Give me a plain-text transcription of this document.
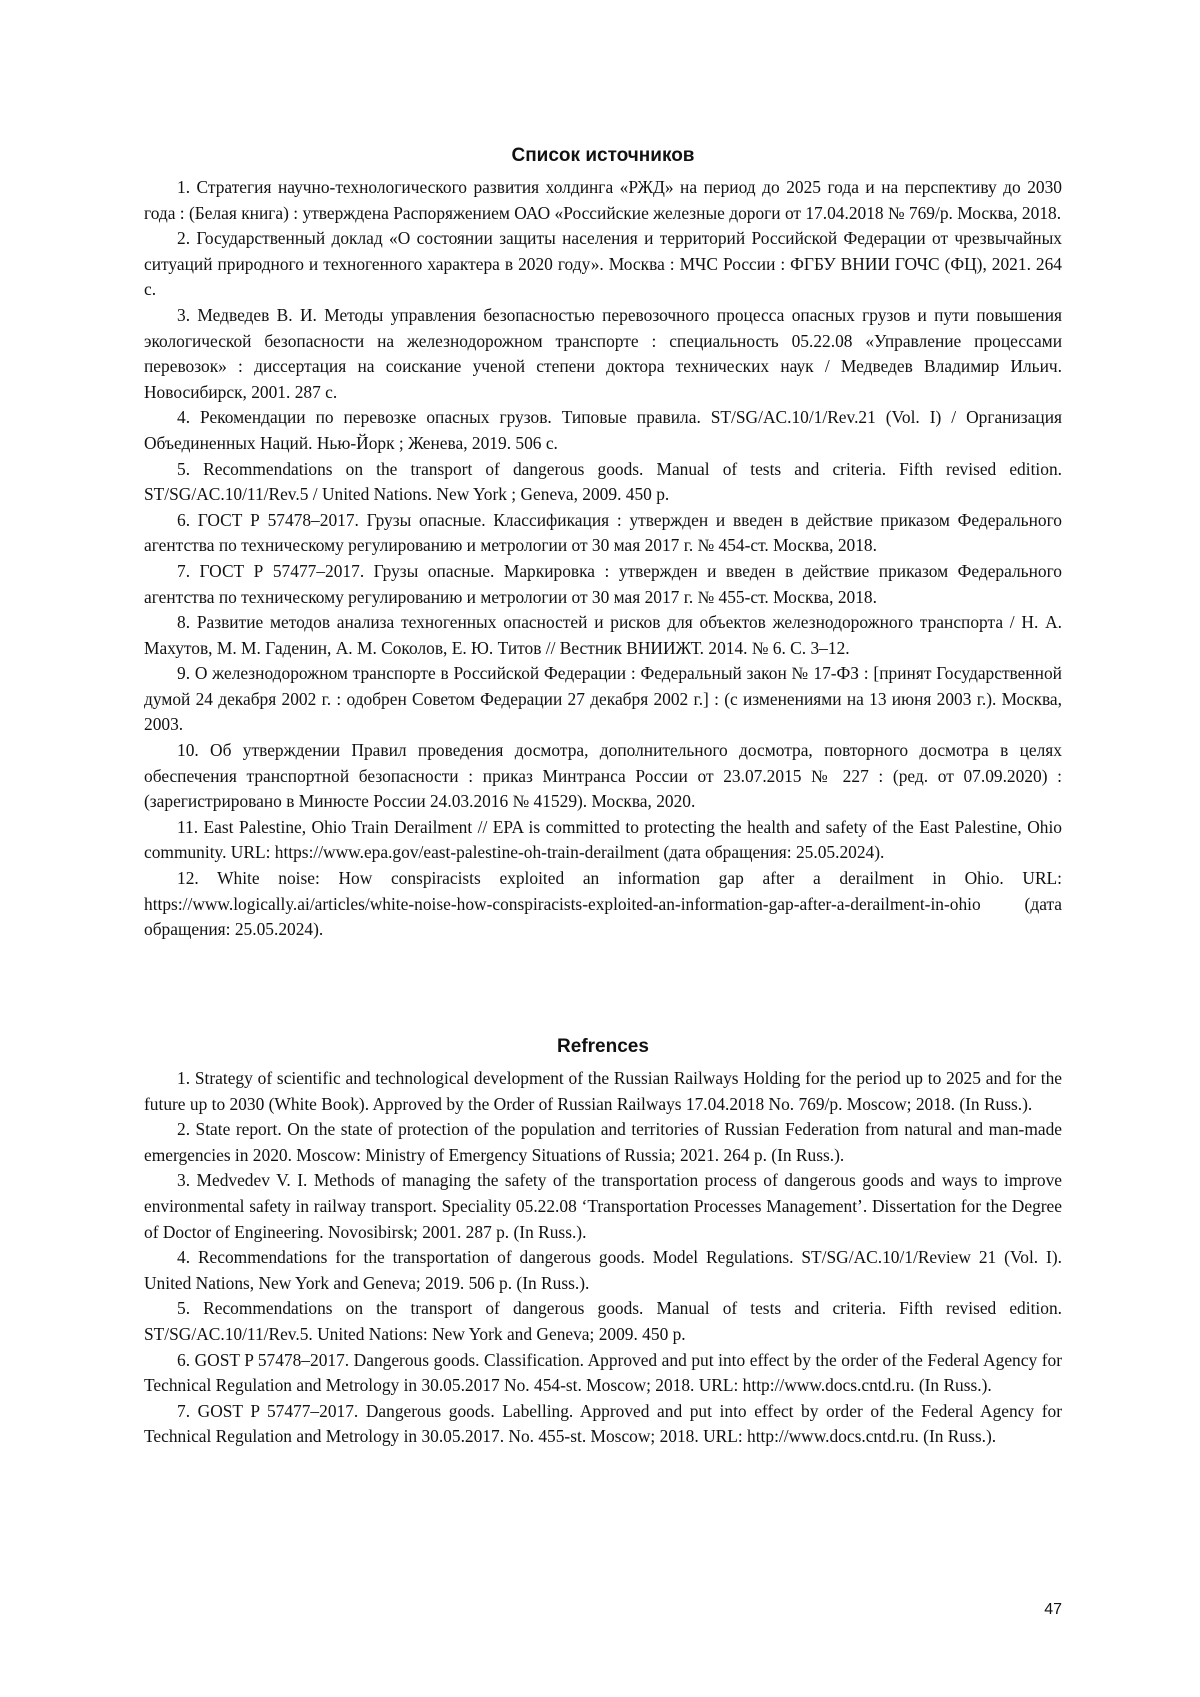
Список источников
1. Стратегия научно-технологического развития холдинга «РЖД» на период до 2025 года и на перспективу до 2030 года : (Белая книга) : утверждена Распоряжением ОАО «Российские железные дороги от 17.04.2018 № 769/р. Москва, 2018.
2. Государственный доклад «О состоянии защиты населения и территорий Российской Федерации от чрезвычайных ситуаций природного и техногенного характера в 2020 году». Москва : МЧС России : ФГБУ ВНИИ ГОЧС (ФЦ), 2021. 264 с.
3. Медведев В. И. Методы управления безопасностью перевозочного процесса опасных грузов и пути повышения экологической безопасности на железнодорожном транспорте : специальность 05.22.08 «Управление процессами перевозок» : диссертация на соискание ученой степени доктора технических наук / Медведев Владимир Ильич. Новосибирск, 2001. 287 с.
4. Рекомендации по перевозке опасных грузов. Типовые правила. ST/SG/AC.10/1/Rev.21 (Vol. I) / Организация Объединенных Наций. Нью-Йорк ; Женева, 2019. 506 с.
5. Recommendations on the transport of dangerous goods. Manual of tests and criteria. Fifth revised edition. ST/SG/AC.10/11/Rev.5 / United Nations. New York ; Geneva, 2009. 450 p.
6. ГОСТ Р 57478–2017. Грузы опасные. Классификация : утвержден и введен в действие приказом Федерального агентства по техническому регулированию и метрологии от 30 мая 2017 г. № 454-ст. Москва, 2018.
7. ГОСТ Р 57477–2017. Грузы опасные. Маркировка : утвержден и введен в действие приказом Федерального агентства по техническому регулированию и метрологии от 30 мая 2017 г. № 455-ст. Москва, 2018.
8. Развитие методов анализа техногенных опасностей и рисков для объектов железнодорожного транспорта / Н. А. Махутов, М. М. Гаденин, А. М. Соколов, Е. Ю. Титов // Вестник ВНИИЖТ. 2014. № 6. С. 3–12.
9. О железнодорожном транспорте в Российской Федерации : Федеральный закон № 17-ФЗ : [принят Государственной думой 24 декабря 2002 г. : одобрен Советом Федерации 27 декабря 2002 г.] : (с изменениями на 13 июня 2003 г.). Москва, 2003.
10. Об утверждении Правил проведения досмотра, дополнительного досмотра, повторного досмотра в целях обеспечения транспортной безопасности : приказ Минтранса России от 23.07.2015 № 227 : (ред. от 07.09.2020) : (зарегистрировано в Минюсте России 24.03.2016 № 41529). Москва, 2020.
11. East Palestine, Ohio Train Derailment // EPA is committed to protecting the health and safety of the East Palestine, Ohio community. URL: https://www.epa.gov/east-palestine-oh-train-derailment (дата обращения: 25.05.2024).
12. White noise: How conspiracists exploited an information gap after a derailment in Ohio. URL: https://www.logically.ai/articles/white-noise-how-conspiracists-exploited-an-information-gap-after-a-derailment-in-ohio (дата обращения: 25.05.2024).
Refrences
1. Strategy of scientific and technological development of the Russian Railways Holding for the period up to 2025 and for the future up to 2030 (White Book). Approved by the Order of Russian Railways 17.04.2018 No. 769/p. Moscow; 2018. (In Russ.).
2. State report. On the state of protection of the population and territories of Russian Federation from natural and man-made emergencies in 2020. Moscow: Ministry of Emergency Situations of Russia; 2021. 264 p. (In Russ.).
3. Medvedev V. I. Methods of managing the safety of the transportation process of dangerous goods and ways to improve environmental safety in railway transport. Speciality 05.22.08 ‘Transportation Processes Management’. Dissertation for the Degree of Doctor of Engineering. Novosibirsk; 2001. 287 p. (In Russ.).
4. Recommendations for the transportation of dangerous goods. Model Regulations. ST/SG/AC.10/1/Review 21 (Vol. I). United Nations, New York and Geneva; 2019. 506 p. (In Russ.).
5. Recommendations on the transport of dangerous goods. Manual of tests and criteria. Fifth revised edition. ST/SG/AC.10/11/Rev.5. United Nations: New York and Geneva; 2009. 450 p.
6. GOST P 57478–2017. Dangerous goods. Classification. Approved and put into effect by the order of the Federal Agency for Technical Regulation and Metrology in 30.05.2017 No. 454-st. Moscow; 2018. URL: http://www.docs.cntd.ru. (In Russ.).
7. GOST P 57477–2017. Dangerous goods. Labelling. Approved and put into effect by order of the Federal Agency for Technical Regulation and Metrology in 30.05.2017. No. 455-st. Moscow; 2018. URL: http://www.docs.cntd.ru. (In Russ.).
47
